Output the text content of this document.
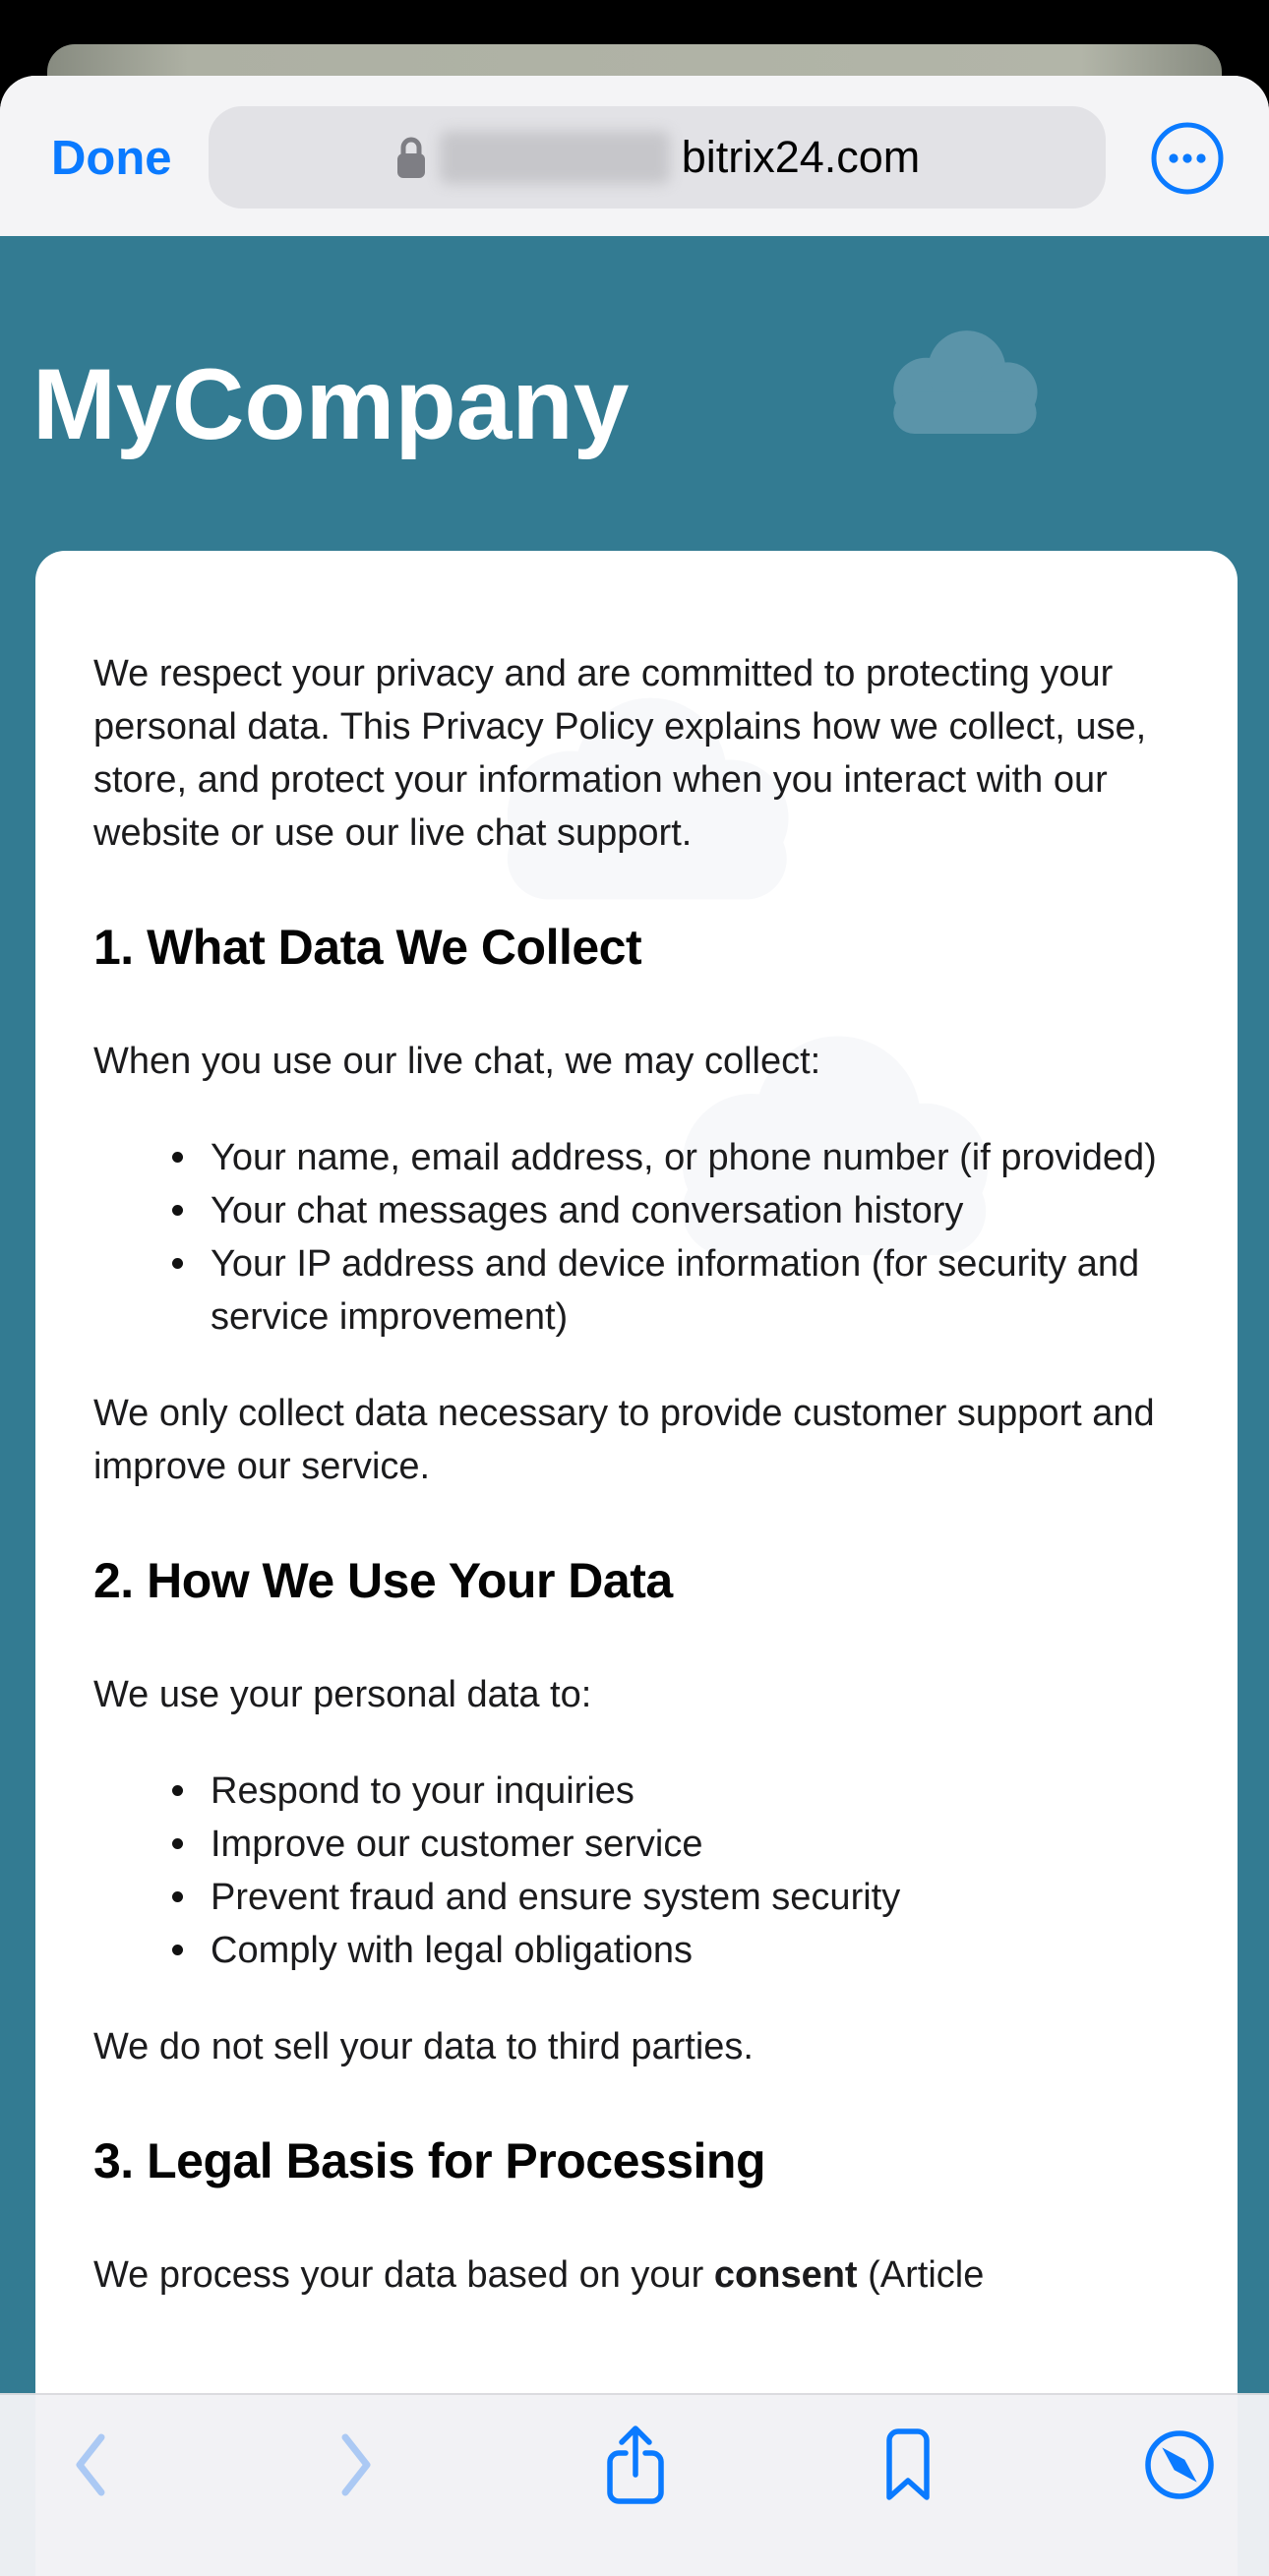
Done	bitrix24.com
MyCompany

We respect your privacy and are committed to protecting your personal data. This Privacy Policy explains how we collect, use, store, and protect your information when you interact with our website or use our live chat support.

1. What Data We Collect

When you use our live chat, we may collect:

Your name, email address, or phone number (if provided)
Your chat messages and conversation history
Your IP address and device information (for security and service improvement)

We only collect data necessary to provide customer support and improve our service.

2. How We Use Your Data

We use your personal data to:

Respond to your inquiries
Improve our customer service
Prevent fraud and ensure system security
Comply with legal obligations

We do not sell your data to third parties.

3. Legal Basis for Processing

We process your data based on your consent (Article
